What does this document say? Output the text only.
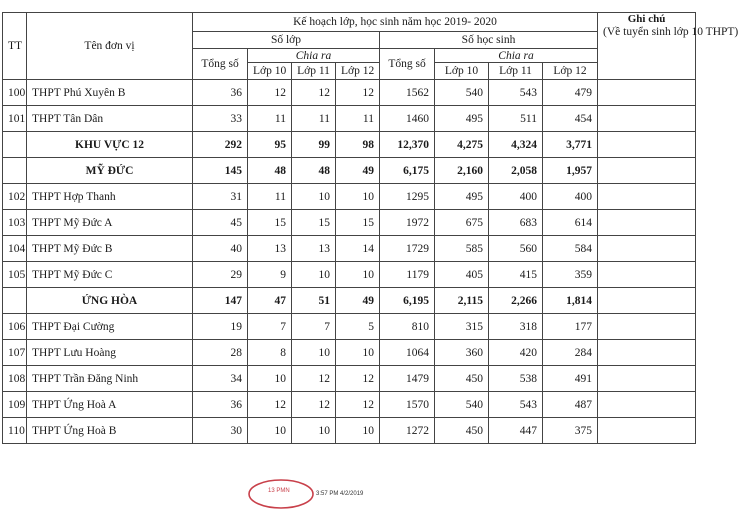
TT	Tên đơn vị	Kế hoạch lớp, học sinh năm học 2019- 2020								Ghi chú
(Về tuyển sinh lớp 10 THPT)
		Số lớp				Số học sinh				
		Tổng số	Chia ra			Tổng số	Chia ra			
			Lớp 10	Lớp 11	Lớp 12		Lớp 10	Lớp 11	Lớp 12	
100	THPT Phú Xuyên B	36	12	12	12	1562	540	543	479	
101	THPT Tân Dân	33	11	11	11	1460	495	511	454	
	KHU VỰC 12	292	95	99	98	12,370	4,275	4,324	3,771	
	MỸ ĐỨC	145	48	48	49	6,175	2,160	2,058	1,957	
102	THPT Hợp Thanh	31	11	10	10	1295	495	400	400	
103	THPT Mỹ Đức A	45	15	15	15	1972	675	683	614	
104	THPT Mỹ Đức B	40	13	13	14	1729	585	560	584	
105	THPT Mỹ Đức C	29	9	10	10	1179	405	415	359	
	ỨNG HÒA	147	47	51	49	6,195	2,115	2,266	1,814	
106	THPT Đại Cường	19	7	7	5	810	315	318	177	
107	THPT Lưu Hoàng	28	8	10	10	1064	360	420	284	
108	THPT Trần Đăng Ninh	34	10	12	12	1479	450	538	491	
109	THPT Ứng Hoà A	36	12	12	12	1570	540	543	487	
110	THPT Ứng Hoà B	30	10	10	10	1272	450	447	375	
13 PMN	3:57 PM 4/2/2019
